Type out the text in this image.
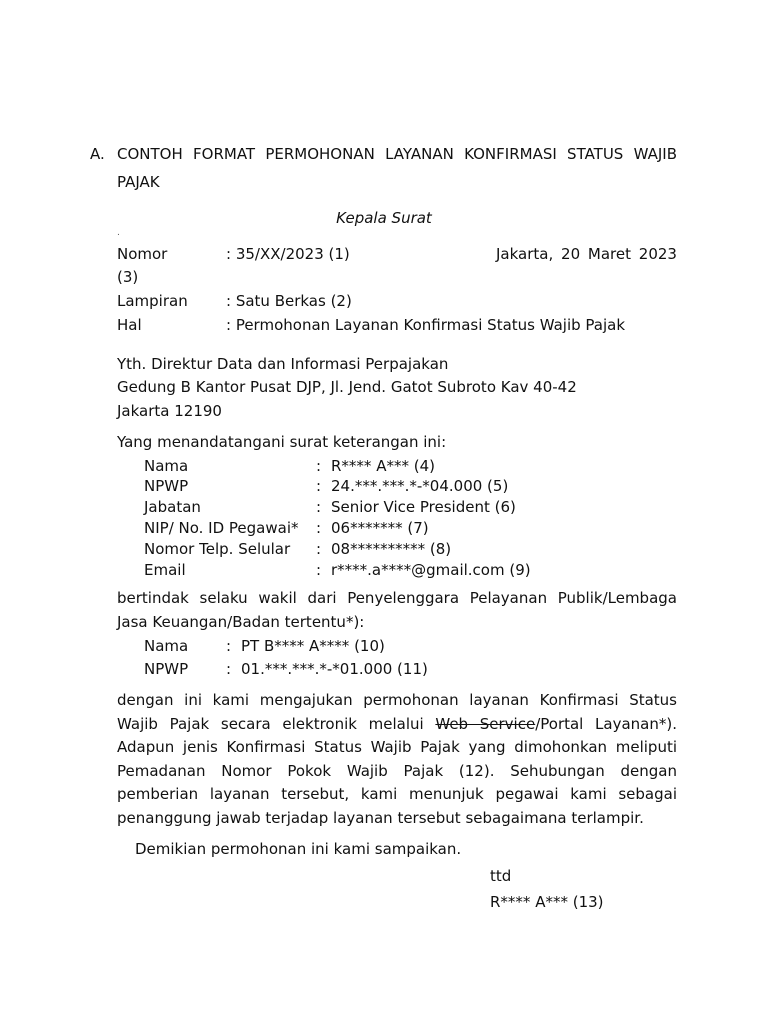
A. CONTOH FORMAT PERMOHONAN LAYANAN KONFIRMASI STATUS WAJIB
PAJAK
Kepala Surat
.
Nomor	: 35/XX/2023 (1)	Jakarta, 20 Maret 2023
(3)
Lampiran	: Satu Berkas (2)
Hal	: Permohonan Layanan Konfirmasi Status Wajib Pajak
Yth. Direktur Data dan Informasi Perpajakan
Gedung B Kantor Pusat DJP, Jl. Jend. Gatot Subroto Kav 40-42
Jakarta 12190
Yang menandatangani surat keterangan ini:
Nama	: R**** A*** (4)
NPWP	: 24.***.***.*-*04.000 (5)
Jabatan	: Senior Vice President (6)
NIP/ No. ID Pegawai* : 06******* (7)
Nomor Telp. Selular : 08********** (8)
Email	: r****.a****@gmail.com (9)
bertindak selaku wakil dari Penyelenggara Pelayanan Publik/Lembaga
Jasa Keuangan/Badan tertentu*):
Nama	: PT B**** A**** (10)
NPWP	: 01.***.***.*-*01.000 (11)
dengan ini kami mengajukan permohonan layanan Konfirmasi Status Wajib Pajak secara elektronik melalui Web Service/Portal Layanan*). Adapun jenis Konfirmasi Status Wajib Pajak yang dimohonkan meliputi Pemadanan Nomor Pokok Wajib Pajak (12). Sehubungan dengan pemberian layanan tersebut, kami menunjuk pegawai kami sebagai penanggung jawab terjadap layanan tersebut sebagaimana terlampir.
Demikian permohonan ini kami sampaikan.
ttd
R**** A*** (13)
